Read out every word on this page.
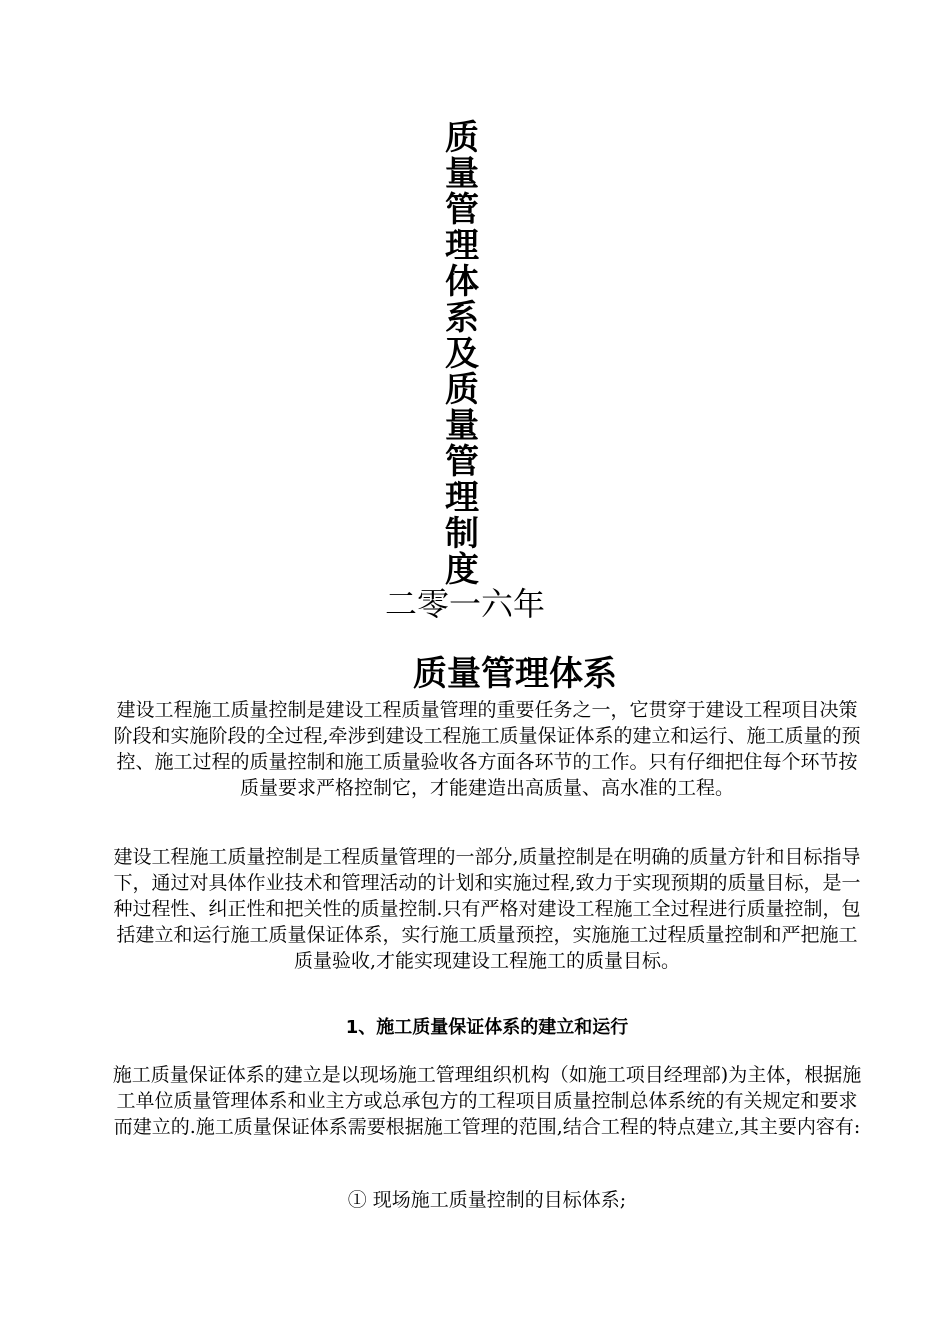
质量管理体系及质量管理制度
二零一六年
质量管理体系

建设工程施工质量控制是建设工程质量管理的重要任务之一，它贯穿于建设工程项目决策阶段和实施阶段的全过程,牵涉到建设工程施工质量保证体系的建立和运行、施工质量的预控、施工过程的质量控制和施工质量验收各方面各环节的工作。只有仔细把住每个环节按质量要求严格控制它，才能建造出高质量、高水准的工程。

建设工程施工质量控制是工程质量管理的一部分,质量控制是在明确的质量方针和目标指导下，通过对具体作业技术和管理活动的计划和实施过程,致力于实现预期的质量目标，是一种过程性、纠正性和把关性的质量控制.只有严格对建设工程施工全过程进行质量控制，包括建立和运行施工质量保证体系，实行施工质量预控，实施施工过程质量控制和严把施工质量验收,才能实现建设工程施工的质量目标。

1、施工质量保证体系的建立和运行

施工质量保证体系的建立是以现场施工管理组织机构（如施工项目经理部)为主体，根据施工单位质量管理体系和业主方或总承包方的工程项目质量控制总体系统的有关规定和要求而建立的.施工质量保证体系需要根据施工管理的范围,结合工程的特点建立,其主要内容有:

① 现场施工质量控制的目标体系;
